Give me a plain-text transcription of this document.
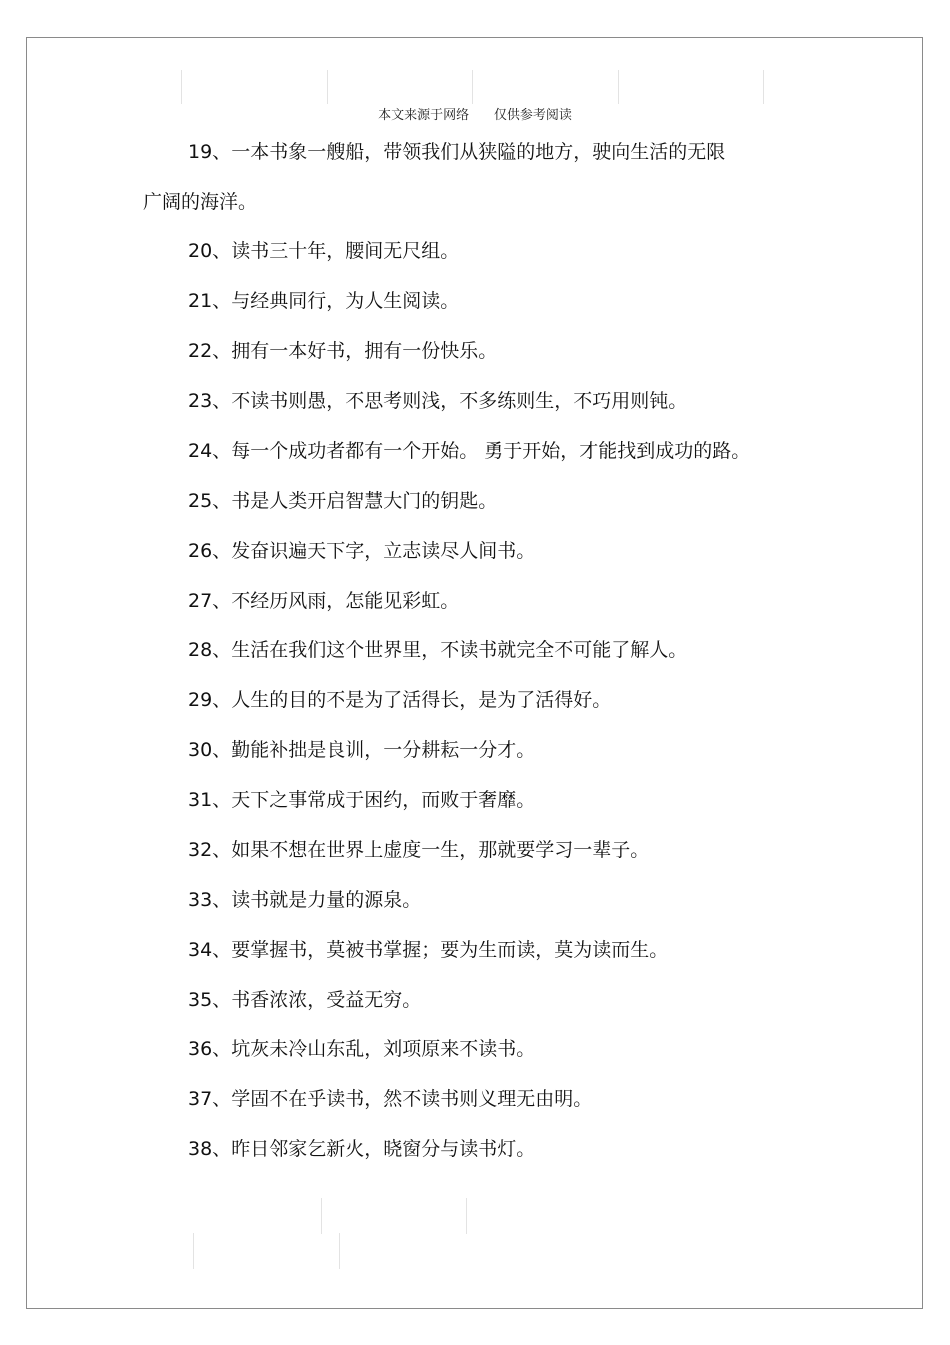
本文来源于网络      仅供参考阅读
19、一本书象一艘船，带领我们从狭隘的地方，驶向生活的无限
广阔的海洋。
20、读书三十年，腰间无尺组。
21、与经典同行，为人生阅读。
22、拥有一本好书，拥有一份快乐。
23、不读书则愚，不思考则浅，不多练则生，不巧用则钝。
24、每一个成功者都有一个开始。 勇于开始，才能找到成功的路。
25、书是人类开启智慧大门的钥匙。
26、发奋识遍天下字，立志读尽人间书。
27、不经历风雨，怎能见彩虹。
28、生活在我们这个世界里，不读书就完全不可能了解人。
29、人生的目的不是为了活得长，是为了活得好。
30、勤能补拙是良训，一分耕耘一分才。
31、天下之事常成于困约，而败于奢靡。
32、如果不想在世界上虚度一生，那就要学习一辈子。
33、读书就是力量的源泉。
34、要掌握书，莫被书掌握；要为生而读，莫为读而生。
35、书香浓浓，受益无穷。
36、坑灰未冷山东乱，刘项原来不读书。
37、学固不在乎读书，然不读书则义理无由明。
38、昨日邻家乞新火，晓窗分与读书灯。
